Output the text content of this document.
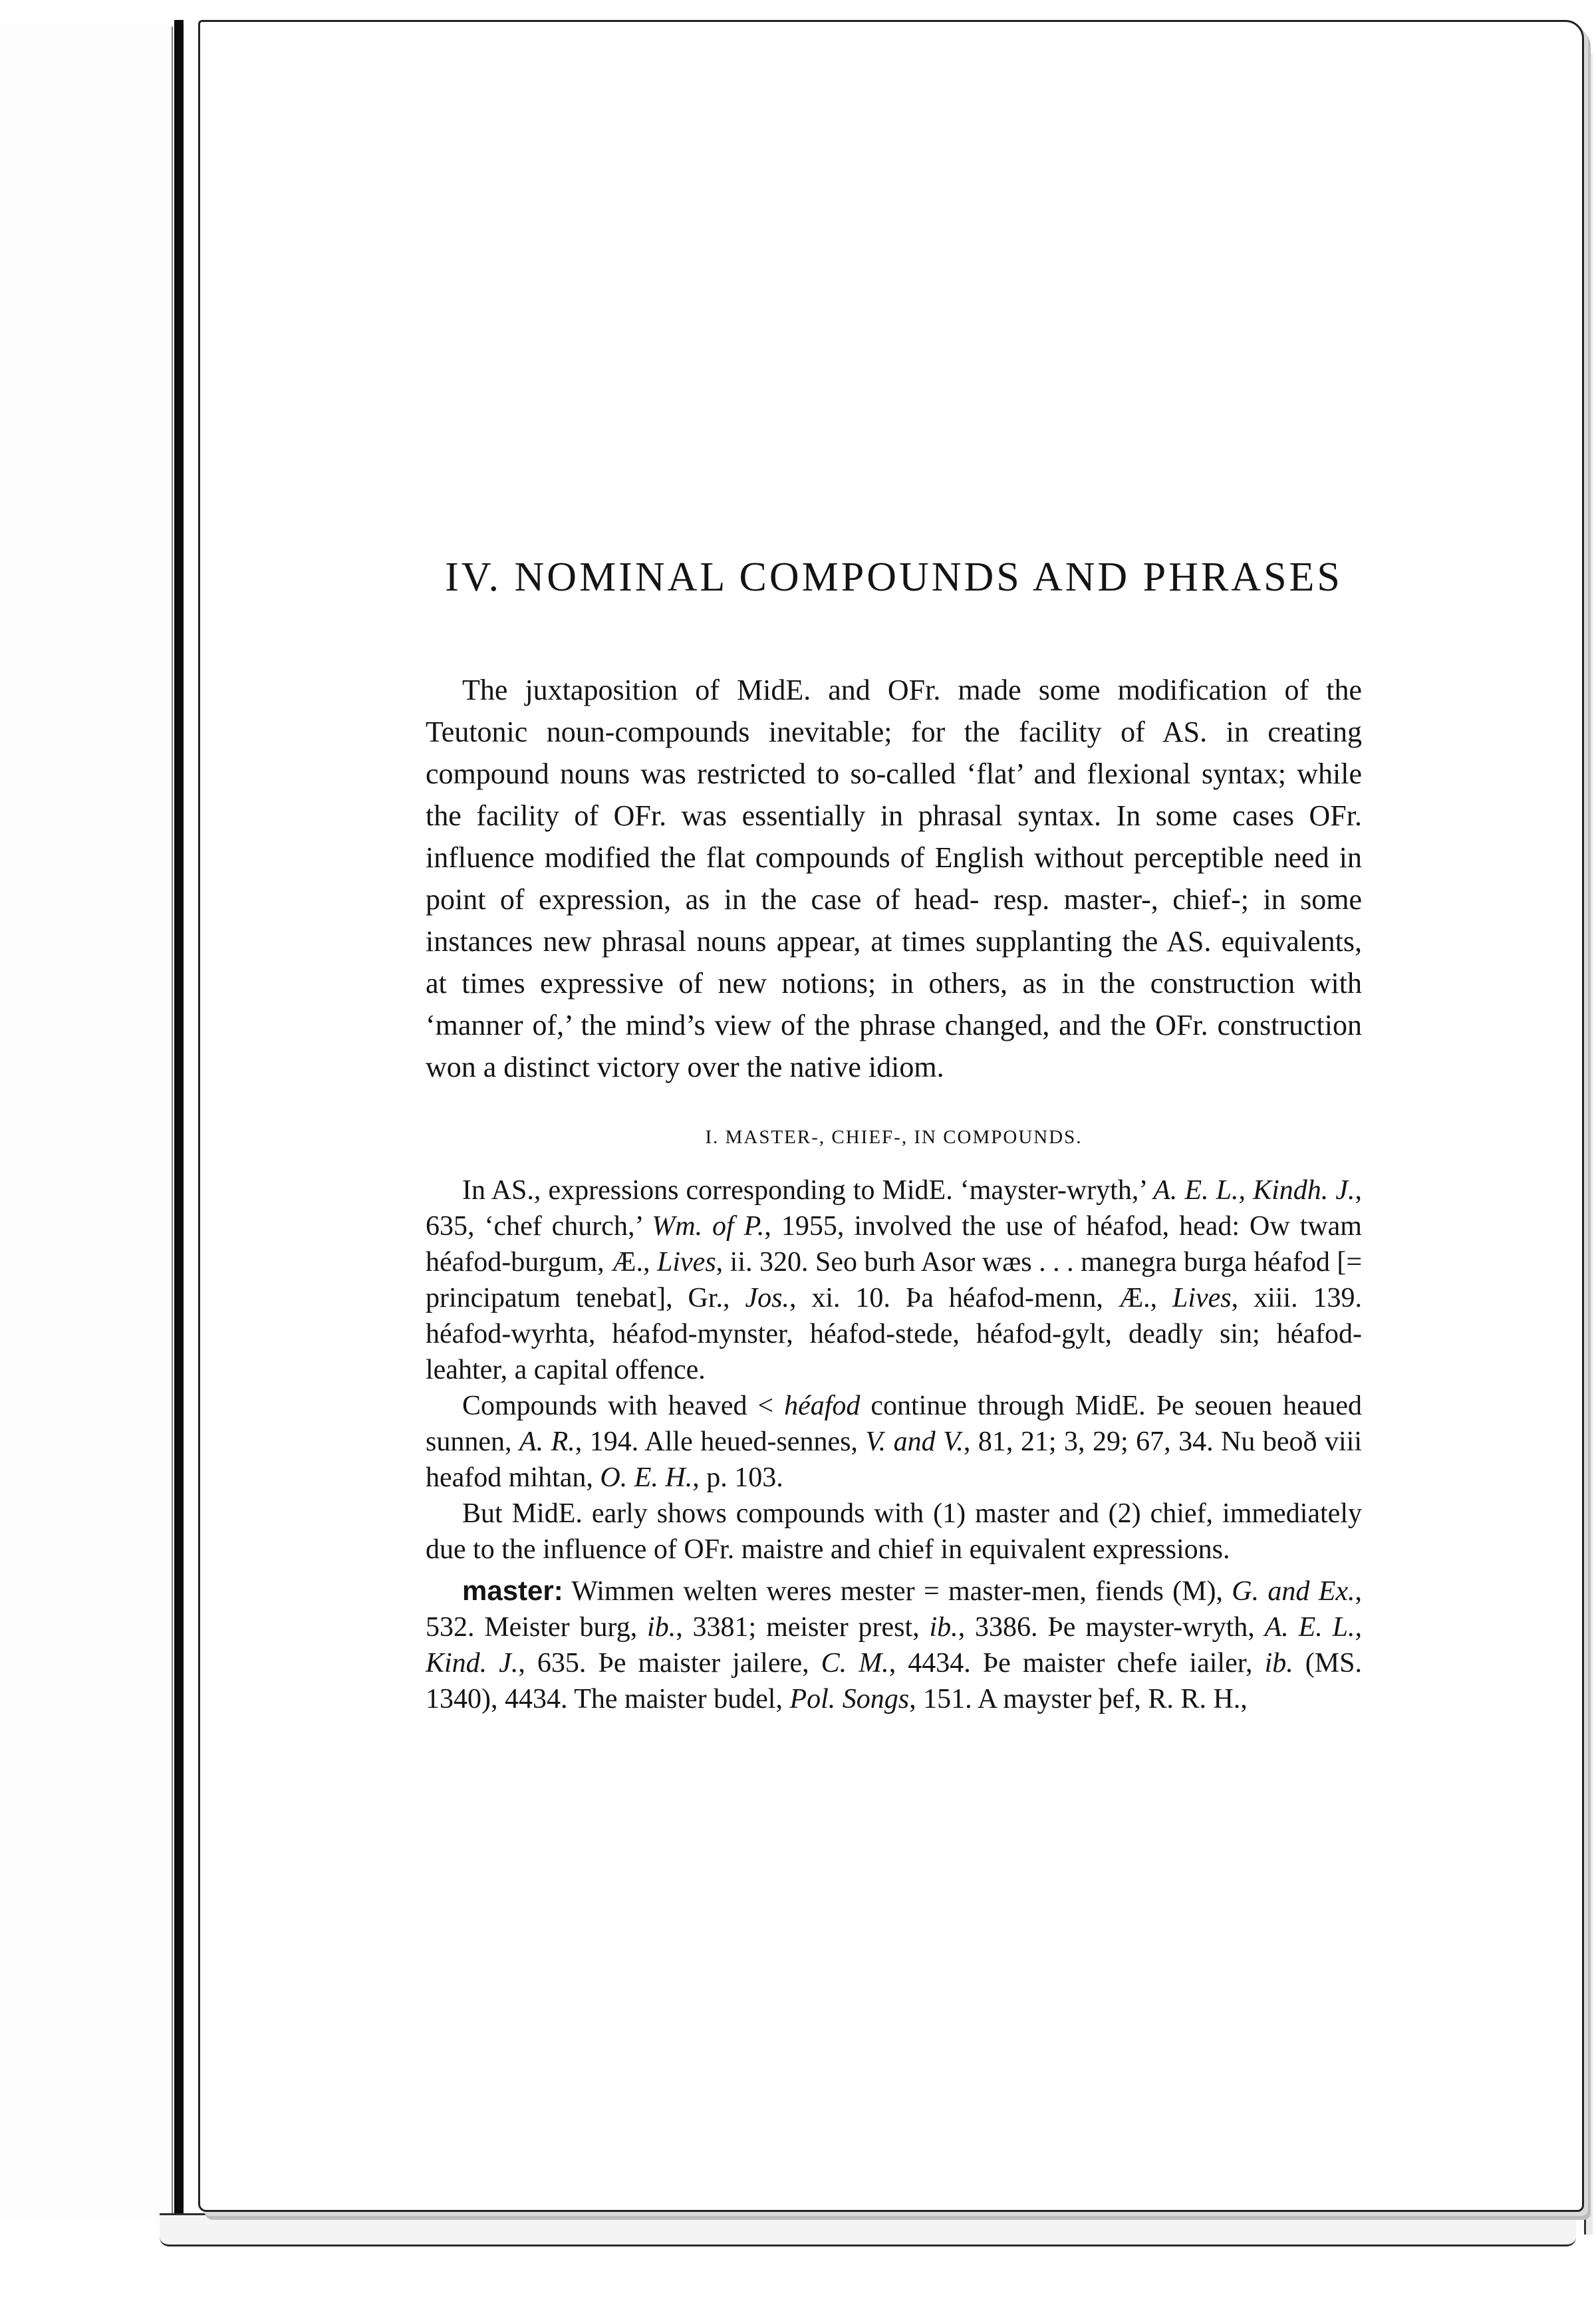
IV. NOMINAL COMPOUNDS AND PHRASES

The juxtaposition of MidE. and OFr. made some modification of the Teutonic noun-compounds inevitable; for the facility of AS. in creating compound nouns was restricted to so-called ‘flat’ and flexional syntax; while the facility of OFr. was essentially in phrasal syntax. In some cases OFr. influence modified the flat compounds of English without perceptible need in point of expression, as in the case of head- resp. master-, chief-; in some instances new phrasal nouns appear, at times supplanting the AS. equivalents, at times expressive of new notions; in others, as in the construction with ‘manner of,’ the mind’s view of the phrase changed, and the OFr. construction won a distinct victory over the native idiom.

I. MASTER-, CHIEF-, IN COMPOUNDS.

In AS., expressions corresponding to MidE. ‘mayster-wryth,’ A. E. L., Kindh. J., 635, ‘chef church,’ Wm. of P., 1955, involved the use of héafod, head: Ow twam héafod-burgum, Æ., Lives, ii. 320. Seo burh Asor wæs . . . manegra burga héafod [= principatum tenebat], Gr., Jos., xi. 10. Þa héafod-menn, Æ., Lives, xiii. 139. héafod-wyrhta, héafod-mynster, héafod-stede, héafod-gylt, deadly sin; héafod-leahter, a capital offence.

Compounds with heaved < héafod continue through MidE. Þe seouen heaued sunnen, A. R., 194. Alle heued-sennes, V. and V., 81, 21; 3, 29; 67, 34. Nu beoð viii heafod mihtan, O. E. H., p. 103.

But MidE. early shows compounds with (1) master and (2) chief, immediately due to the influence of OFr. maistre and chief in equivalent expressions.

master: Wimmen welten weres mester = master-men, fiends (M), G. and Ex., 532. Meister burg, ib., 3381; meister prest, ib., 3386. Þe mayster-wryth, A. E. L., Kind. J., 635. Þe maister jailere, C. M., 4434. Þe maister chefe iailer, ib. (MS. 1340), 4434. The maister budel, Pol. Songs, 151. A mayster þef, R. R. H.,
